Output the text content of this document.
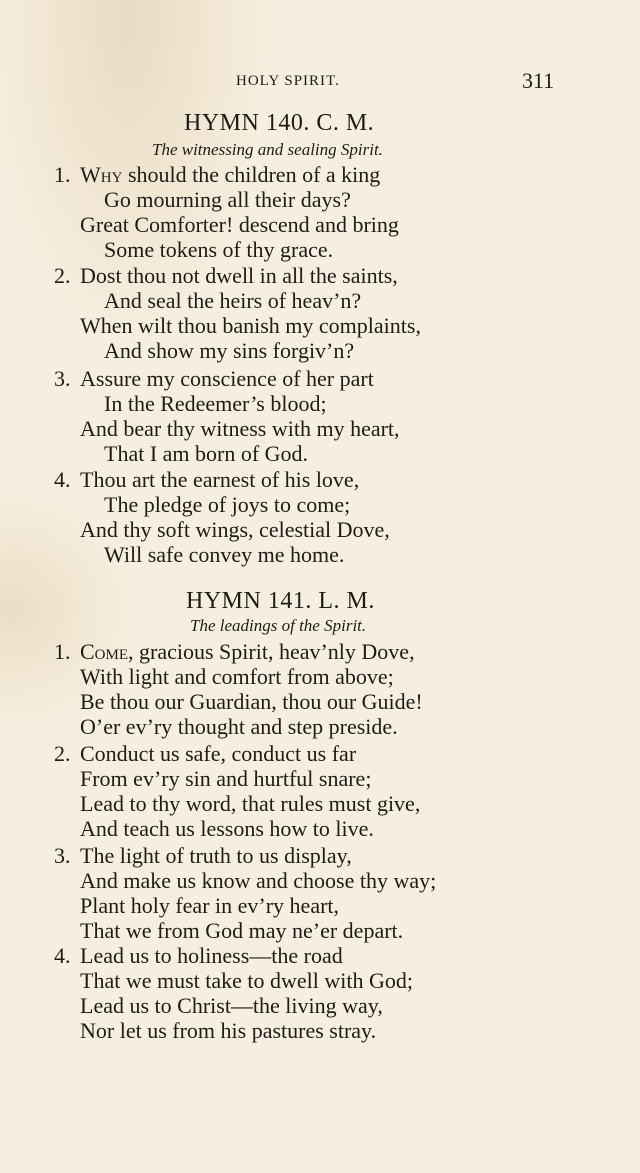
HOLY SPIRIT.	311
HYMN 140. C. M.
The witnessing and sealing Spirit.
1. Why should the children of a king
Go mourning all their days?
Great Comforter! descend and bring
Some tokens of thy grace.
2. Dost thou not dwell in all the saints,
And seal the heirs of heav’n?
When wilt thou banish my complaints,
And show my sins forgiv’n?
3. Assure my conscience of her part
In the Redeemer’s blood;
And bear thy witness with my heart,
That I am born of God.
4. Thou art the earnest of his love,
The pledge of joys to come;
And thy soft wings, celestial Dove,
Will safe convey me home.
HYMN 141. L. M.
The leadings of the Spirit.
1. Come, gracious Spirit, heav’nly Dove,
With light and comfort from above;
Be thou our Guardian, thou our Guide!
O’er ev’ry thought and step preside.
2. Conduct us safe, conduct us far
From ev’ry sin and hurtful snare;
Lead to thy word, that rules must give,
And teach us lessons how to live.
3. The light of truth to us display,
And make us know and choose thy way;
Plant holy fear in ev’ry heart,
That we from God may ne’er depart.
4. Lead us to holiness—the road
That we must take to dwell with God;
Lead us to Christ—the living way,
Nor let us from his pastures stray.
